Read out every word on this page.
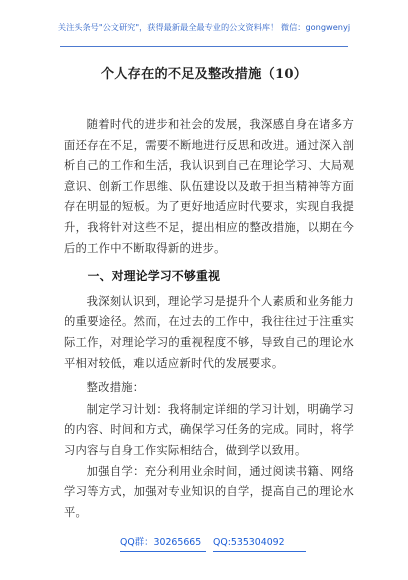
关注头条号"公文研究"，获得最新最全最专业的公文资料库！ 微信：gongwenyj
个人存在的不足及整改措施（10）

随着时代的进步和社会的发展，我深感自身在诸多方面还存在不足，需要不断地进行反思和改进。通过深入剖析自己的工作和生活，我认识到自己在理论学习、大局观意识、创新工作思维、队伍建设以及敢于担当精神等方面存在明显的短板。为了更好地适应时代要求，实现自我提升，我将针对这些不足，提出相应的整改措施，以期在今后的工作中不断取得新的进步。

一、对理论学习不够重视

我深刻认识到，理论学习是提升个人素质和业务能力的重要途径。然而，在过去的工作中，我往往过于注重实际工作，对理论学习的重视程度不够，导致自己的理论水平相对较低，难以适应新时代的发展要求。

整改措施：

制定学习计划：我将制定详细的学习计划，明确学习的内容、时间和方式，确保学习任务的完成。同时，将学习内容与自身工作实际相结合，做到学以致用。

加强自学：充分利用业余时间，通过阅读书籍、网络学习等方式，加强对专业知识的自学，提高自己的理论水平。

QQ群：30265665 QQ:535304092
